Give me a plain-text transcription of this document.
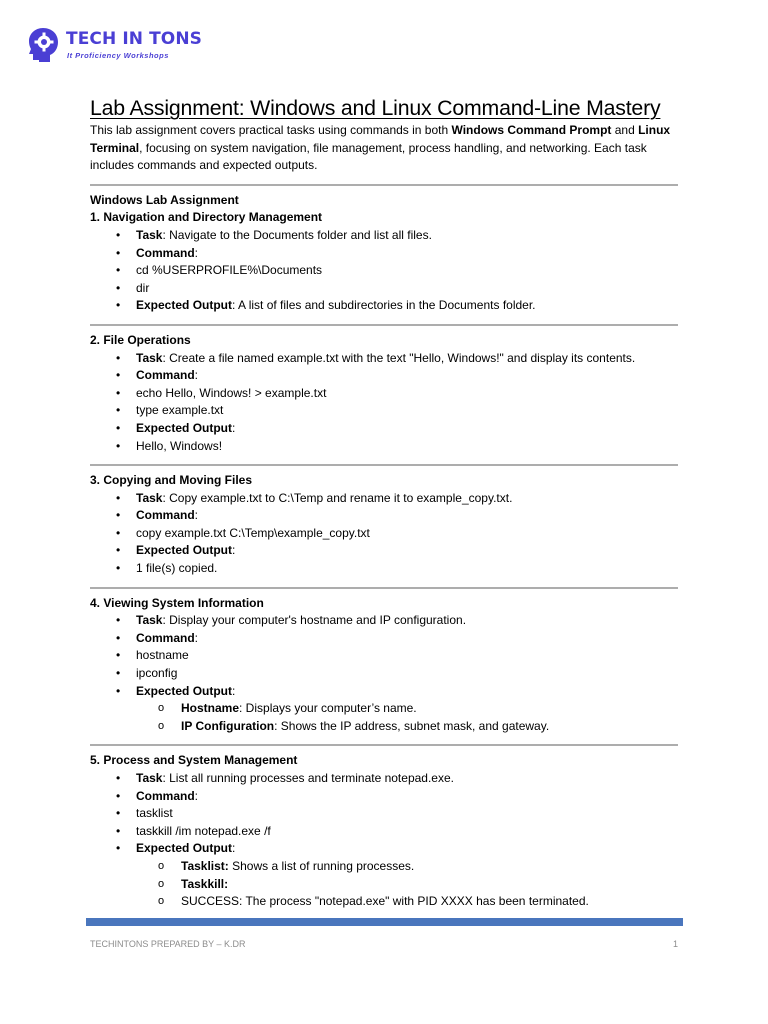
TECH IN TONS
It Proficiency Workshops
Lab Assignment: Windows and Linux Command-Line Mastery

This lab assignment covers practical tasks using commands in both Windows Command Prompt and Linux Terminal, focusing on system navigation, file management, process handling, and networking. Each task includes commands and expected outputs.

Windows Lab Assignment
1. Navigation and Directory Management
• Task: Navigate to the Documents folder and list all files.
• Command:
• cd %USERPROFILE%\Documents
• dir
• Expected Output: A list of files and subdirectories in the Documents folder.
2. File Operations
• Task: Create a file named example.txt with the text "Hello, Windows!" and display its contents.
• Command:
• echo Hello, Windows! > example.txt
• type example.txt
• Expected Output:
• Hello, Windows!
3. Copying and Moving Files
• Task: Copy example.txt to C:\Temp and rename it to example_copy.txt.
• Command:
• copy example.txt C:\Temp\example_copy.txt
• Expected Output:
• 1 file(s) copied.
4. Viewing System Information
• Task: Display your computer's hostname and IP configuration.
• Command:
• hostname
• ipconfig
• Expected Output:
o Hostname: Displays your computer’s name.
o IP Configuration: Shows the IP address, subnet mask, and gateway.
5. Process and System Management
• Task: List all running processes and terminate notepad.exe.
• Command:
• tasklist
• taskkill /im notepad.exe /f
• Expected Output:
o Tasklist: Shows a list of running processes.
o Taskkill:
o SUCCESS: The process "notepad.exe" with PID XXXX has been terminated.
TECHINTONS PREPARED BY – K.DR	1
